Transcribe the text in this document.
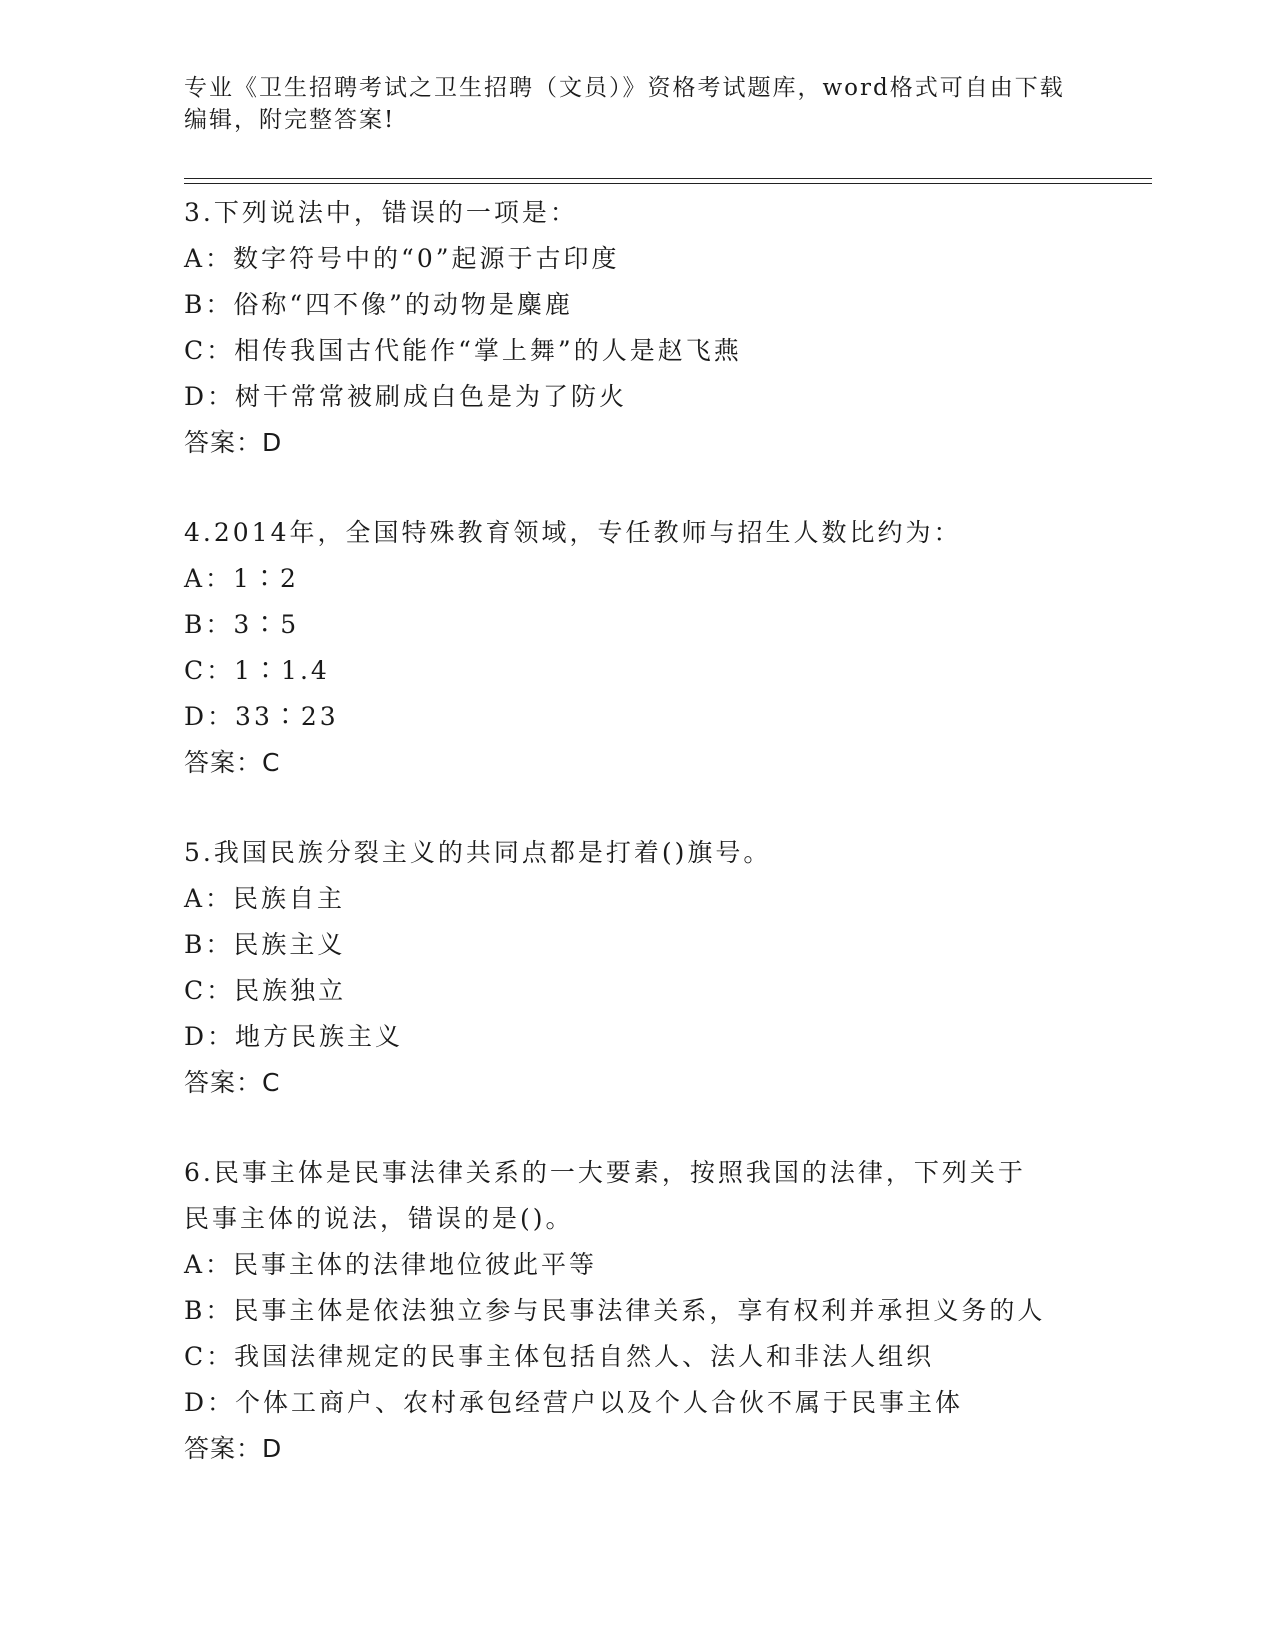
专业《卫生招聘考试之卫生招聘（文员）》资格考试题库，word格式可自由下载
编辑，附完整答案!
3.下列说法中，错误的一项是：
A：数字符号中的“0”起源于古印度
B：俗称“四不像”的动物是麋鹿
C：相传我国古代能作“掌上舞”的人是赵飞燕
D：树干常常被刷成白色是为了防火
答案：D
4.2014年，全国特殊教育领域，专任教师与招生人数比约为：
A：1∶2
B：3∶5
C：1∶1.4
D：33∶23
答案：C
5.我国民族分裂主义的共同点都是打着()旗号。
A：民族自主
B：民族主义
C：民族独立
D：地方民族主义
答案：C
6.民事主体是民事法律关系的一大要素，按照我国的法律，下列关于
民事主体的说法，错误的是()。
A：民事主体的法律地位彼此平等
B：民事主体是依法独立参与民事法律关系，享有权利并承担义务的人
C：我国法律规定的民事主体包括自然人、法人和非法人组织
D：个体工商户、农村承包经营户以及个人合伙不属于民事主体
答案：D
